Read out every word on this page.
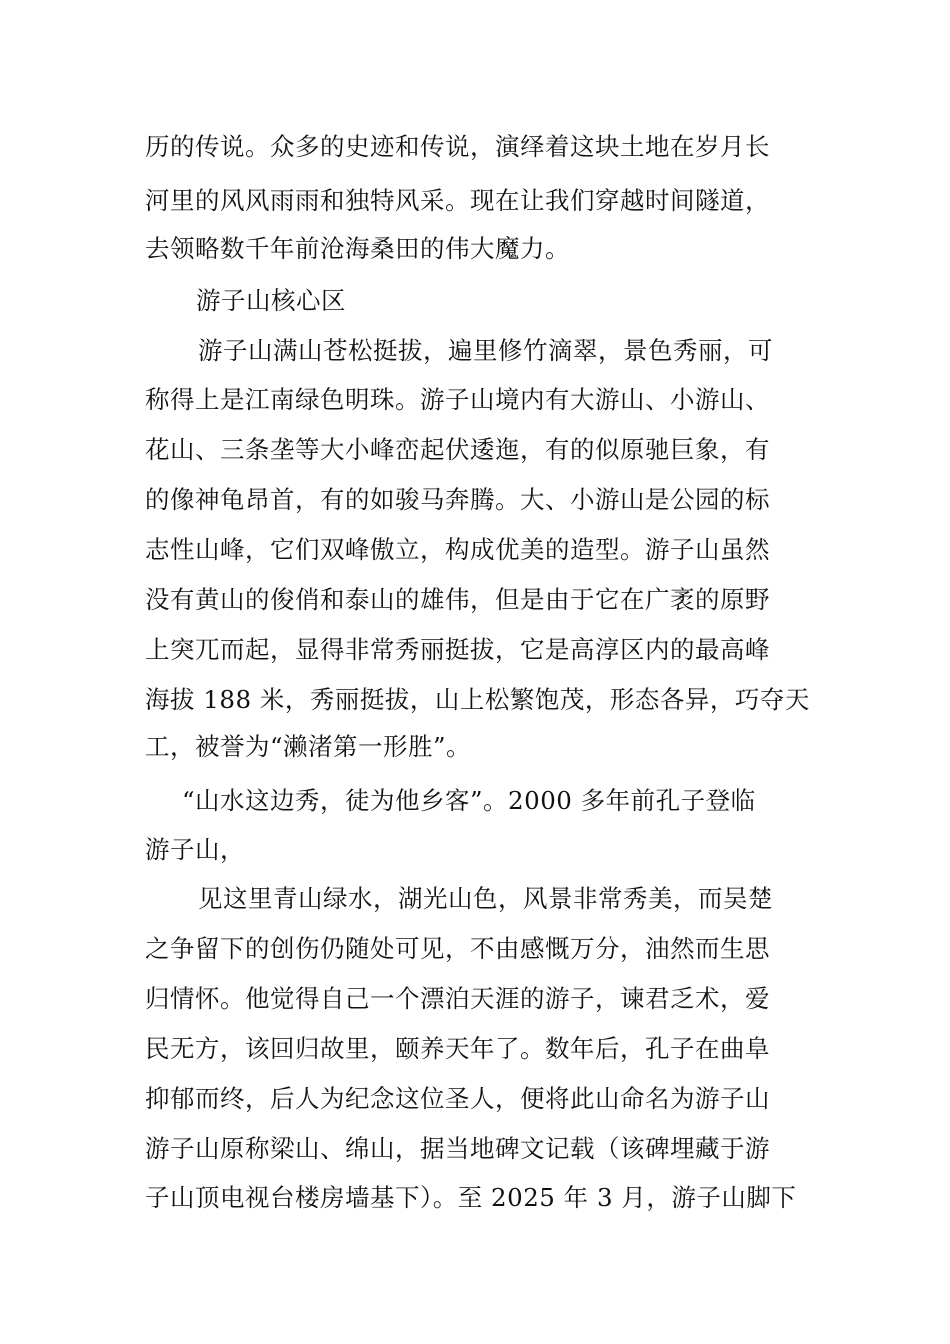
历的传说。众多的史迹和传说，演绎着这块土地在岁月长
河里的风风雨雨和独特风采。现在让我们穿越时间隧道，
去领略数千年前沧海桑田的伟大魔力。
游子山核心区
游子山满山苍松挺拔，遍里修竹滴翠，景色秀丽，可
称得上是江南绿色明珠。游子山境内有大游山、小游山、
花山、三条垄等大小峰峦起伏逶迤，有的似原驰巨象，有
的像神龟昂首，有的如骏马奔腾。大、小游山是公园的标
志性山峰，它们双峰傲立，构成优美的造型。游子山虽然
没有黄山的俊俏和泰山的雄伟，但是由于它在广袤的原野
上突兀而起，显得非常秀丽挺拔，它是高淳区内的最高峰
海拔 188 米，秀丽挺拔，山上松繁饱茂，形态各异，巧夺天
工，被誉为“濑渚第一形胜”。
“山水这边秀，徒为他乡客”。2000 多年前孔子登临
游子山，
见这里青山绿水，湖光山色，风景非常秀美，而吴楚
之争留下的创伤仍随处可见，不由感慨万分，油然而生思
归情怀。他觉得自己一个漂泊天涯的游子，谏君乏术，爱
民无方，该回归故里，颐养天年了。数年后，孔子在曲阜
抑郁而终，后人为纪念这位圣人，便将此山命名为游子山
游子山原称梁山、绵山，据当地碑文记载（该碑埋藏于游
子山顶电视台楼房墙基下）。至 2025 年 3 月，游子山脚下
